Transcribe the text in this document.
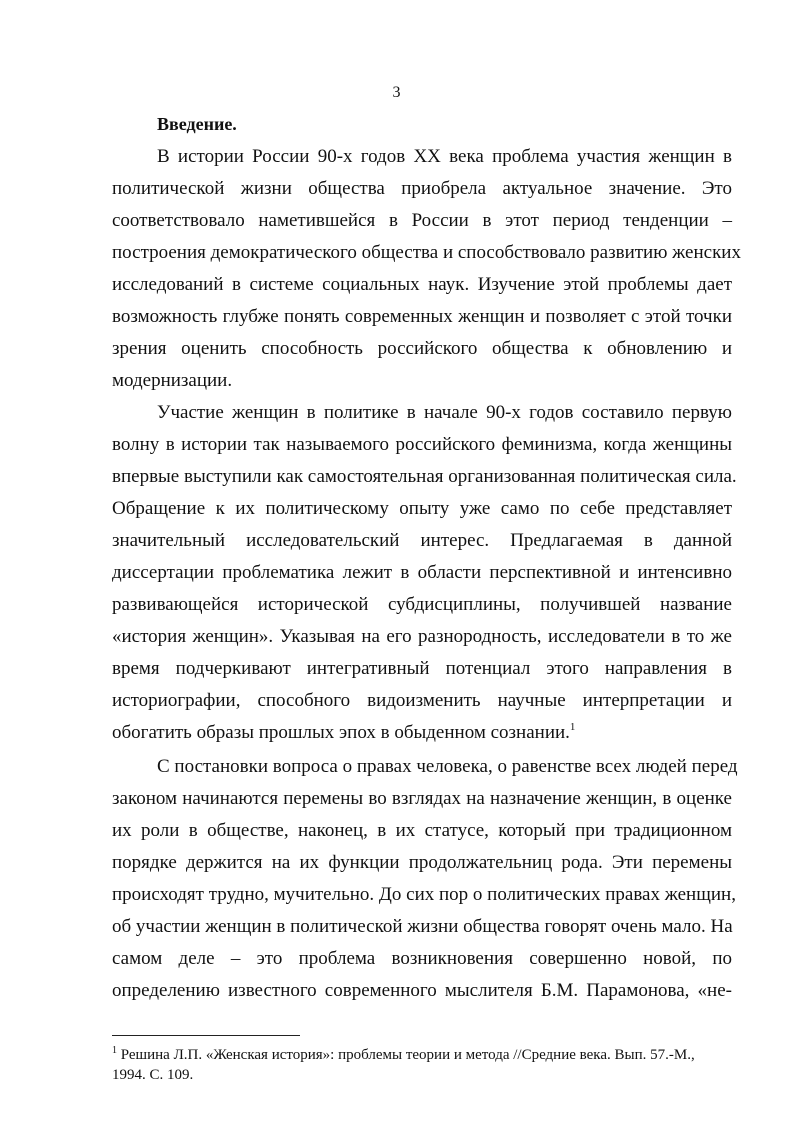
3
Введение.
В истории России 90-х годов XX века проблема участия женщин в
политической жизни общества приобрела актуальное значение. Это
соответствовало наметившейся в России в этот период тенденции –
построения демократического общества и способствовало развитию женских
исследований в системе социальных наук. Изучение этой проблемы дает
возможность глубже понять современных женщин и позволяет с этой точки
зрения оценить способность российского общества к обновлению и
модернизации.
Участие женщин в политике в начале 90-х годов составило первую
волну в истории так называемого российского феминизма, когда женщины
впервые выступили как самостоятельная организованная политическая сила.
Обращение к их политическому опыту уже само по себе представляет
значительный исследовательский интерес. Предлагаемая в данной
диссертации проблематика лежит в области перспективной и интенсивно
развивающейся исторической субдисциплины, получившей название
«история женщин». Указывая на его разнородность, исследователи в то же
время подчеркивают интегративный потенциал этого направления в
историографии, способного видоизменить научные интерпретации и
обогатить образы прошлых эпох в обыденном сознании.$^1$
С постановки вопроса о правах человека, о равенстве всех людей перед
законом начинаются перемены во взглядах на назначение женщин, в оценке
их роли в обществе, наконец, в их статусе, который при традиционном
порядке держится на их функции продолжательниц рода. Эти перемены
происходят трудно, мучительно. До сих пор о политических правах женщин,
об участии женщин в политической жизни общества говорят очень мало. На
самом деле – это проблема возникновения совершенно новой, по
определению известного современного мыслителя Б.М. Парамонова, «не-
$^1$ Решина Л.П. «Женская история»: проблемы теории и метода //Средние века. Вып. 57.-М.,
1994. С. 109.
